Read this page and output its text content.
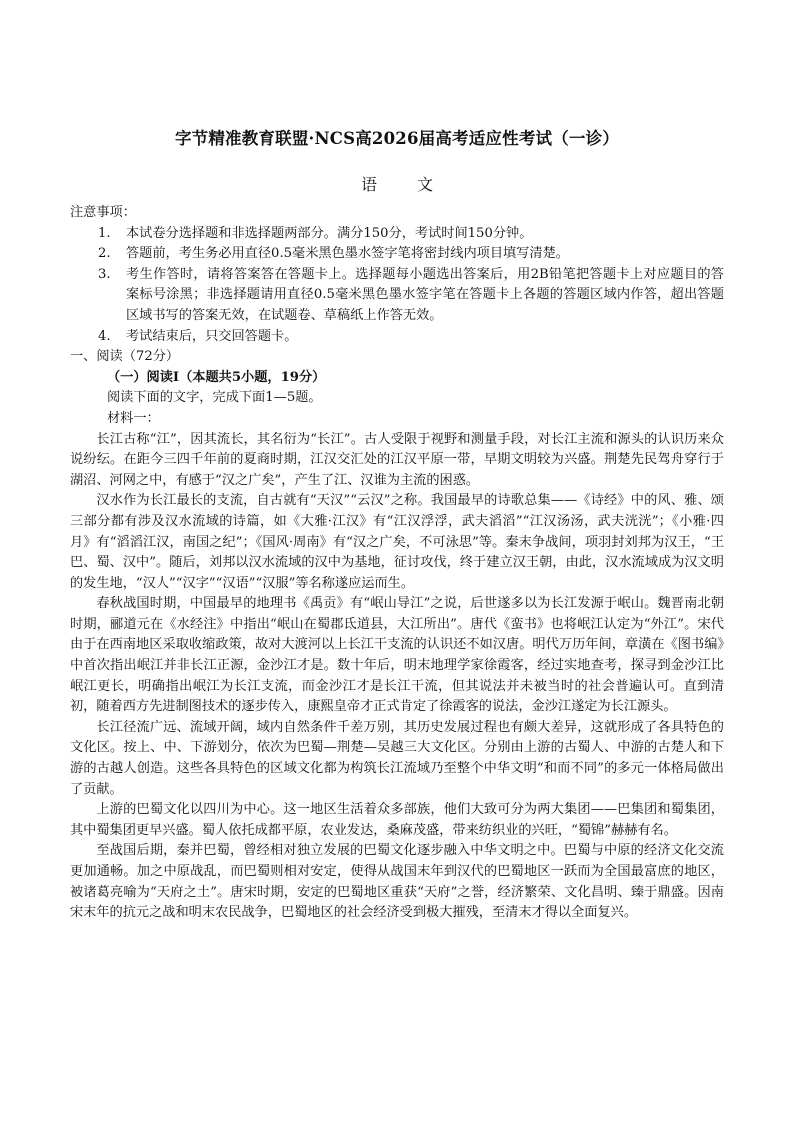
字节精准教育联盟·NCS高2026届高考适应性考试（一诊）
语文

注意事项：

1.	本试卷分选择题和非选择题两部分。满分150分，考试时间150分钟。
2.	答题前，考生务必用直径0.5毫米黑色墨水签字笔将密封线内项目填写清楚。
3.	考生作答时，请将答案答在答题卡上。选择题每小题选出答案后，用2B铅笔把答题卡上对应题目的答案标号涂黑；非选择题请用直径0.5毫米黑色墨水签字笔在答题卡上各题的答题区域内作答，超出答题区域书写的答案无效，在试题卷、草稿纸上作答无效。
4.	考试结束后，只交回答题卡。

一、阅读（72分）

（一）阅读Ⅰ（本题共5小题，19分）

阅读下面的文字，完成下面1—5题。

材料一：

长江古称“江”，因其流长，其名衍为“长江”。古人受限于视野和测量手段，对长江主流和源头的认识历来众说纷纭。在距今三四千年前的夏商时期，江汉交汇处的江汉平原一带，早期文明较为兴盛。荆楚先民驾舟穿行于湖沼、河网之中，有感于“汉之广矣”，产生了江、汉谁为主流的困惑。

汉水作为长江最长的支流，自古就有“天汉”“云汉”之称。我国最早的诗歌总集——《诗经》中的风、雅、颂三部分都有涉及汉水流域的诗篇，如《大雅·江汉》有“江汉浮浮，武夫滔滔”“江汉汤汤，武夫洸洸”；《小雅·四月》有“滔滔江汉，南国之纪”；《国风·周南》有“汉之广矣，不可泳思”等。秦末争战间，项羽封刘邦为汉王，“王巴、蜀、汉中”。随后，刘邦以汉水流域的汉中为基地，征讨攻伐，终于建立汉王朝，由此，汉水流域成为汉文明的发生地，“汉人”“汉字”“汉语”“汉服”等名称遂应运而生。

春秋战国时期，中国最早的地理书《禹贡》有“岷山导江”之说，后世遂多以为长江发源于岷山。魏晋南北朝时期，郦道元在《水经注》中指出“岷山在蜀郡氐道县，大江所出”。唐代《蛮书》也将岷江认定为“外江”。宋代由于在西南地区采取收缩政策，故对大渡河以上长江干支流的认识还不如汉唐。明代万历年间，章潢在《图书编》中首次指出岷江并非长江正源，金沙江才是。数十年后，明末地理学家徐霞客，经过实地查考，探寻到金沙江比岷江更长，明确指出岷江为长江支流，而金沙江才是长江干流，但其说法并未被当时的社会普遍认可。直到清初，随着西方先进制图技术的逐步传入，康熙皇帝才正式肯定了徐霞客的说法，金沙江遂定为长江源头。

长江径流广远、流域开阔，域内自然条件千差万别，其历史发展过程也有颇大差异，这就形成了各具特色的文化区。按上、中、下游划分，依次为巴蜀—荆楚—吴越三大文化区。分别由上游的古蜀人、中游的古楚人和下游的古越人创造。这些各具特色的区域文化都为构筑长江流域乃至整个中华文明“和而不同”的多元一体格局做出了贡献。

上游的巴蜀文化以四川为中心。这一地区生活着众多部族，他们大致可分为两大集团——巴集团和蜀集团，其中蜀集团更早兴盛。蜀人依托成都平原，农业发达，桑麻茂盛，带来纺织业的兴旺，“蜀锦”赫赫有名。

至战国后期，秦并巴蜀，曾经相对独立发展的巴蜀文化逐步融入中华文明之中。巴蜀与中原的经济文化交流更加通畅。加之中原战乱，而巴蜀则相对安定，使得从战国末年到汉代的巴蜀地区一跃而为全国最富庶的地区，被诸葛亮喻为“天府之土”。唐宋时期，安定的巴蜀地区重获“天府”之誉，经济繁荣、文化昌明、臻于鼎盛。因南宋末年的抗元之战和明末农民战争，巴蜀地区的社会经济受到极大摧残，至清末才得以全面复兴。
